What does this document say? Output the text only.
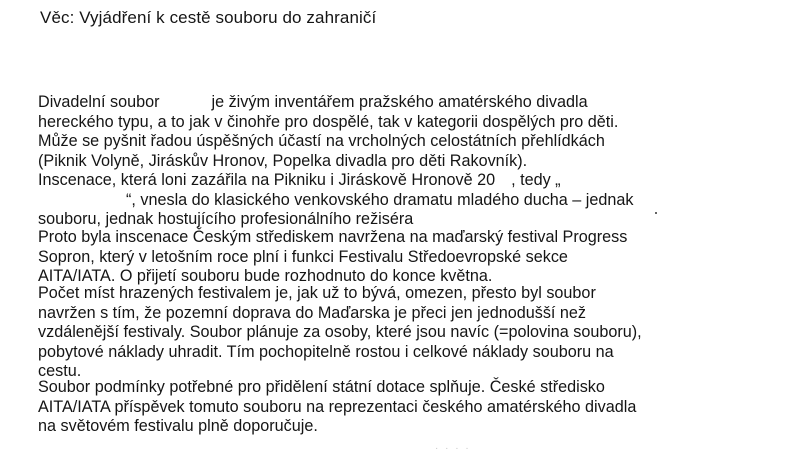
Věc: Vyjádření k cestě souboru do zahraničí
Divadelní soubor	je živým inventářem pražského amatérského divadla
hereckého typu, a to jak v činohře pro dospělé, tak v kategorii dospělých pro děti.
Může se pyšnit řadou úspěšných účastí na vrcholných celostátních přehlídkách
(Piknik Volyně, Jiráskův Hronov, Popelka divadla pro děti Rakovník).
Inscenace, která loni zazářila na Pikniku i Jiráskově Hronově 20 , tedy „
“, vnesla do klasického venkovského dramatu mladého ducha – jednak
souboru, jednak hostujícího profesionálního režiséra
Proto byla inscenace Českým střediskem navržena na maďarský festival Progress
Sopron, který v letošním roce plní i funkci Festivalu Středoevropské sekce
AITA/IATA. O přijetí souboru bude rozhodnuto do konce května.
Počet míst hrazených festivalem je, jak už to bývá, omezen, přesto byl soubor
navržen s tím, že pozemní doprava do Maďarska je přeci jen jednodušší než
vzdálenější festivaly. Soubor plánuje za osoby, které jsou navíc (=polovina souboru),
pobytové náklady uhradit. Tím pochopitelně rostou i celkové náklady souboru na
cestu.
Soubor podmínky potřebné pro přidělení státní dotace splňuje. České středisko
AITA/IATA příspěvek tomuto souboru na reprezentaci českého amatérského divadla
na světovém festivalu plně doporučuje.
· · · ·
